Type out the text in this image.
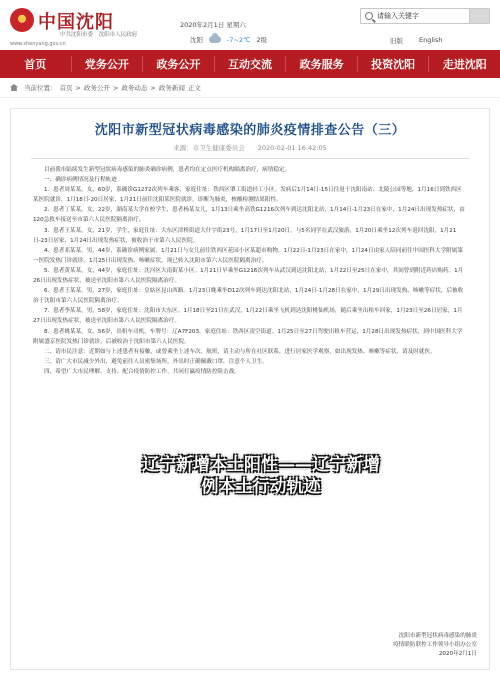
中国沈阳
中共沈阳市委 沈阳市人民政府
www.shenyang.gov.cn
2020年2月1日 星期六
沈阳	-7~2℃ 2级
请输入关键字	旧版 English
首页	党务公开	政务公开	互动交流	政务服务	投资沈阳	走进沈阳
当前位置： 首页 > 政务公开 > 政务动态 > 政务新闻 正文
沈阳市新型冠状病毒感染的肺炎疫情排查公告（三）
来源：市卫生健康委员会　　2020-02-01 16:42:05

目前我市陆续发生新型冠状病毒感染的肺炎确诊病例，患者均在定点医疗机构隔离治疗，病情稳定。

一、确诊病例情况及行程轨迹

1．患者周某某，女，60岁，系确诊G1272次列车乘客，家庭住址：铁西区肇工街道轻工小区。发病后1月14日-15日往返于沈阳南站、北陵公园等地，1月16日到铁西区某医院就诊，1月18日-20日居家，1月21日前往沈阳某医院就诊。诊断为肺炎，核酸检测结果阳性。

2．患者丁某某，女，22岁，湖南某大学在校学生，患者杨某女儿，1月13日乘坐高铁G1216次列车到达沈阳北站，1月14日-1月23日在家中，1月24日出现发热症状，由120急救车接送至市第六人民医院隔离治疗。

3．患者王某某，女，21岁，学生，家庭住址：大东区津桥街道大什字街23号，1月17日至1月20日，与5名同学在武汉旅游，1月20日乘坐12次列车返回沈阳，1月21日-23日居家，1月24日出现发热症状，被收治于市第六人民医院。

4．患者邓某某，男，44岁，系确诊病例家属，1月21日与女儿前往铁西区花园小区某超市购物，1月22日-1月23日在家中，1月24日由家人陪同前往中国医科大学附属第一医院发热门诊就诊，1月25日出现发热、咳嗽症状，现已转入沈阳市第六人民医院隔离治疗。

5．患者黄某某，女，44岁，家庭住址：沈河区大南街某小区。1月21日早乘坐G1216次列车从武汉到达沈阳北站，1月22日至25日在家中，其间曾到附近药店购药。1月26日出现发热症状，被送至沈阳市第六人民医院隔离治疗。

6．患者王某某，男，27岁，家庭住址：皇姑区昆山西路。1月23日晚乘坐D12次列车到达沈阳北站，1月24日-1月28日在家中，1月29日出现发热、咳嗽等症状，后被收治于沈阳市第六人民医院隔离治疗。

7．患者李某某，男，58岁，家庭住址：沈阳市大东区。1月18日至21日在武汉，1月22日乘坐飞机到达沈阳桃仙机场，随后乘坐出租车回家，1月23日至26日居家，1月27日出现发热症状，被送至沈阳市第六人民医院隔离治疗。

8．患者姚某某，女，56岁，出租车司机，车牌号：辽A7F203。家庭住址：铁西区凌空街道。1月25日至27日驾驶出租车营运，1月28日出现发热症状，到中国医科大学附属盛京医院发热门诊就诊，后被收治于沈阳市第六人民医院。

二、请市民注意：近期如与上述患者有接触，或曾乘坐上述车次、航班，请主动与所在社区联系，进行居家医学观察，如出现发热、咳嗽等症状，请及时就医。

三、请广大市民减少外出，避免前往人员密集场所，外出时正确佩戴口罩，注意个人卫生。

四、希望广大市民理解、支持、配合疫情防控工作，共同打赢疫情防控阻击战。

辽宁新增本土阳性——辽宁新增
例本土行动轨迹
沈阳市新型冠状病毒感染的肺炎
疫情联防联控工作领导小组办公室
2020年2月1日
